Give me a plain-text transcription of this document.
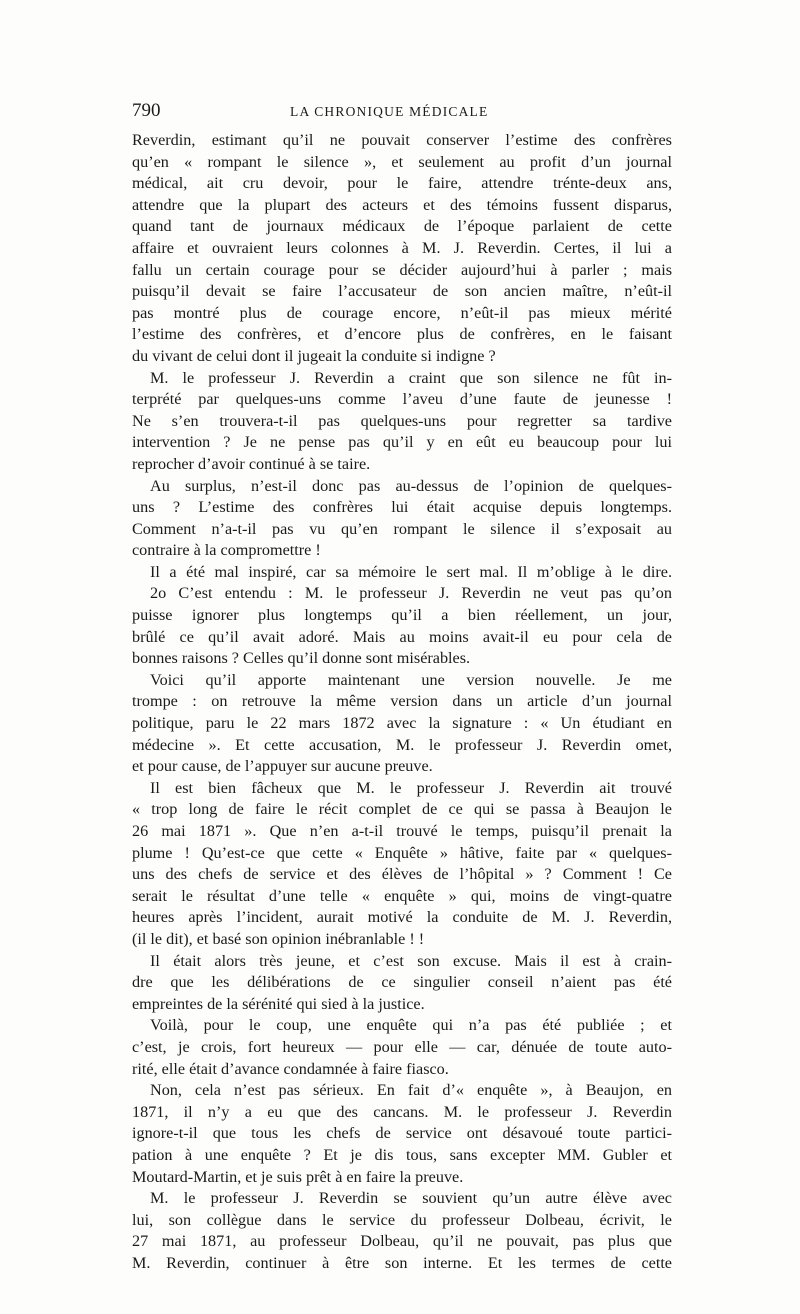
790	LA CHRONIQUE MÉDICALE
Reverdin, estimant qu’il ne pouvait conserver l’estime des confrères
qu’en « rompant le silence », et seulement au profit d’un journal
médical, ait cru devoir, pour le faire, attendre trénte-deux ans,
attendre que la plupart des acteurs et des témoins fussent disparus,
quand tant de journaux médicaux de l’époque parlaient de cette
affaire et ouvraient leurs colonnes à M. J. Reverdin. Certes, il lui a
fallu un certain courage pour se décider aujourd’hui à parler ; mais
puisqu’il devait se faire l’accusateur de son ancien maître, n’eût-il
pas montré plus de courage encore, n’eût-il pas mieux mérité
l’estime des confrères, et d’encore plus de confrères, en le faisant
du vivant de celui dont il jugeait la conduite si indigne ?
M. le professeur J. Reverdin a craint que son silence ne fût in-
terprété par quelques-uns comme l’aveu d’une faute de jeunesse !
Ne s’en trouvera-t-il pas quelques-uns pour regretter sa tardive
intervention ? Je ne pense pas qu’il y en eût eu beaucoup pour lui
reprocher d’avoir continué à se taire.
Au surplus, n’est-il donc pas au-dessus de l’opinion de quelques-
uns ? L’estime des confrères lui était acquise depuis longtemps.
Comment n’a-t-il pas vu qu’en rompant le silence il s’exposait au
contraire à la compromettre !
Il a été mal inspiré, car sa mémoire le sert mal. Il m’oblige à le dire.
2o C’est entendu : M. le professeur J. Reverdin ne veut pas qu’on
puisse ignorer plus longtemps qu’il a bien réellement, un jour,
brûlé ce qu’il avait adoré. Mais au moins avait-il eu pour cela de
bonnes raisons ? Celles qu’il donne sont misérables.
Voici qu’il apporte maintenant une version nouvelle. Je me
trompe : on retrouve la même version dans un article d’un journal
politique, paru le 22 mars 1872 avec la signature : « Un étudiant en
médecine ». Et cette accusation, M. le professeur J. Reverdin omet,
et pour cause, de l’appuyer sur aucune preuve.
Il est bien fâcheux que M. le professeur J. Reverdin ait trouvé
« trop long de faire le récit complet de ce qui se passa à Beaujon le
26 mai 1871 ». Que n’en a-t-il trouvé le temps, puisqu’il prenait la
plume ! Qu’est-ce que cette « Enquête » hâtive, faite par « quelques-
uns des chefs de service et des élèves de l’hôpital » ? Comment ! Ce
serait le résultat d’une telle « enquête » qui, moins de vingt-quatre
heures après l’incident, aurait motivé la conduite de M. J. Reverdin,
(il le dit), et basé son opinion inébranlable ! !
Il était alors très jeune, et c’est son excuse. Mais il est à crain-
dre que les délibérations de ce singulier conseil n’aient pas été
empreintes de la sérénité qui sied à la justice.
Voilà, pour le coup, une enquête qui n’a pas été publiée ; et
c’est, je crois, fort heureux — pour elle — car, dénuée de toute auto-
rité, elle était d’avance condamnée à faire fiasco.
Non, cela n’est pas sérieux. En fait d’« enquête », à Beaujon, en
1871, il n’y a eu que des cancans. M. le professeur J. Reverdin
ignore-t-il que tous les chefs de service ont désavoué toute partici-
pation à une enquête ? Et je dis tous, sans excepter MM. Gubler et
Moutard-Martin, et je suis prêt à en faire la preuve.
M. le professeur J. Reverdin se souvient qu’un autre élève avec
lui, son collègue dans le service du professeur Dolbeau, écrivit, le
27 mai 1871, au professeur Dolbeau, qu’il ne pouvait, pas plus que
M. Reverdin, continuer à être son interne. Et les termes de cette
